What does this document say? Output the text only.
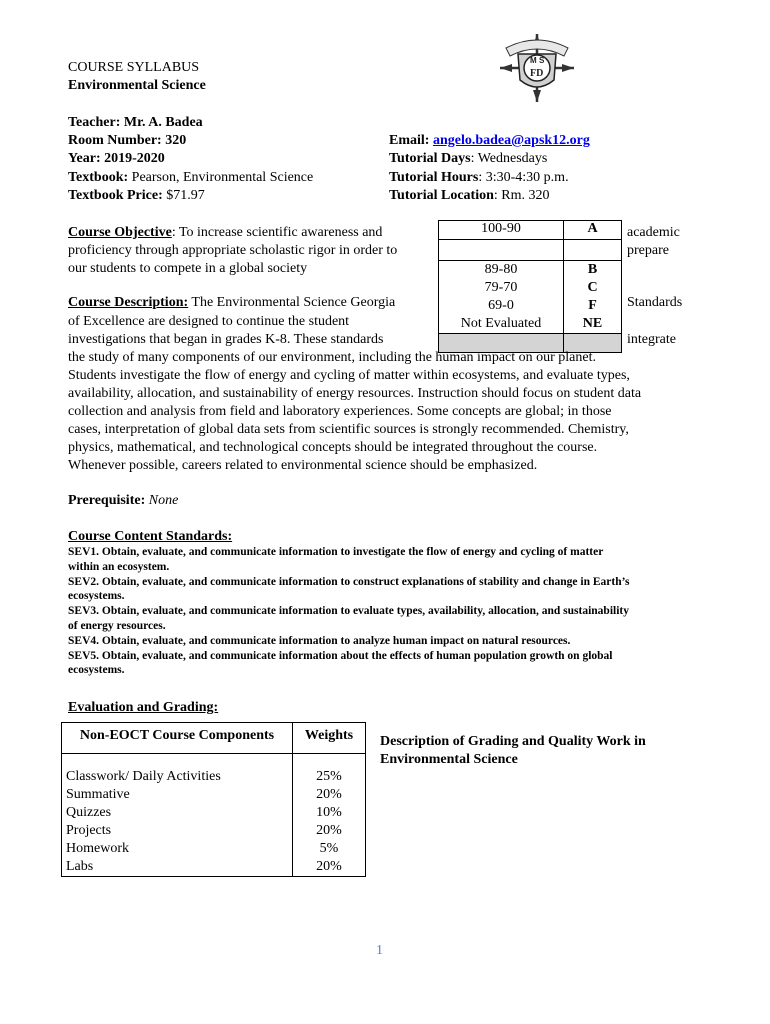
COURSE SYLLABUS
Environmental Science
M S
FD
Teacher: Mr. A. Badea
Room Number: 320
Year: 2019-2020
Textbook: Pearson, Environmental Science
Textbook Price: $71.97
Email: angelo.badea@apsk12.org
Tutorial Days: Wednesdays
Tutorial Hours: 3:30-4:30 p.m.
Tutorial Location: Rm. 320
100-90	A

89-80	B
79-70	C
69-0	F
Not Evaluated	NE

academic
prepare
Standards
integrate
Course Objective: To increase scientific awareness and
proficiency through appropriate scholastic rigor in order to
our students to compete in a global society
Course Description: The Environmental Science Georgia
of Excellence are designed to continue the student
investigations that began in grades K-8. These standards
the study of many components of our environment, including the human impact on our planet.
Students investigate the flow of energy and cycling of matter within ecosystems, and evaluate types,
availability, allocation, and sustainability of energy resources. Instruction should focus on student data
collection and analysis from field and laboratory experiences. Some concepts are global; in those
cases, interpretation of global data sets from scientific sources is strongly recommended. Chemistry,
physics, mathematical, and technological concepts should be integrated throughout the course.
Whenever possible, careers related to environmental science should be emphasized.
Prerequisite: None
Course Content Standards:
SEV1. Obtain, evaluate, and communicate information to investigate the flow of energy and cycling of matter
within an ecosystem.
SEV2. Obtain, evaluate, and communicate information to construct explanations of stability and change in Earth’s
ecosystems.
SEV3. Obtain, evaluate, and communicate information to evaluate types, availability, allocation, and sustainability
of energy resources.
SEV4. Obtain, evaluate, and communicate information to analyze human impact on natural resources.
SEV5. Obtain, evaluate, and communicate information about the effects of human population growth on global
ecosystems.
Evaluation and Grading:
Non-EOCT Course Components	Weights

Classwork/ Daily Activities	25%
Summative	20%
Quizzes	10%
Projects	20%
Homework	5%
Labs	20%
Description of Grading and Quality Work in
Environmental Science
1
